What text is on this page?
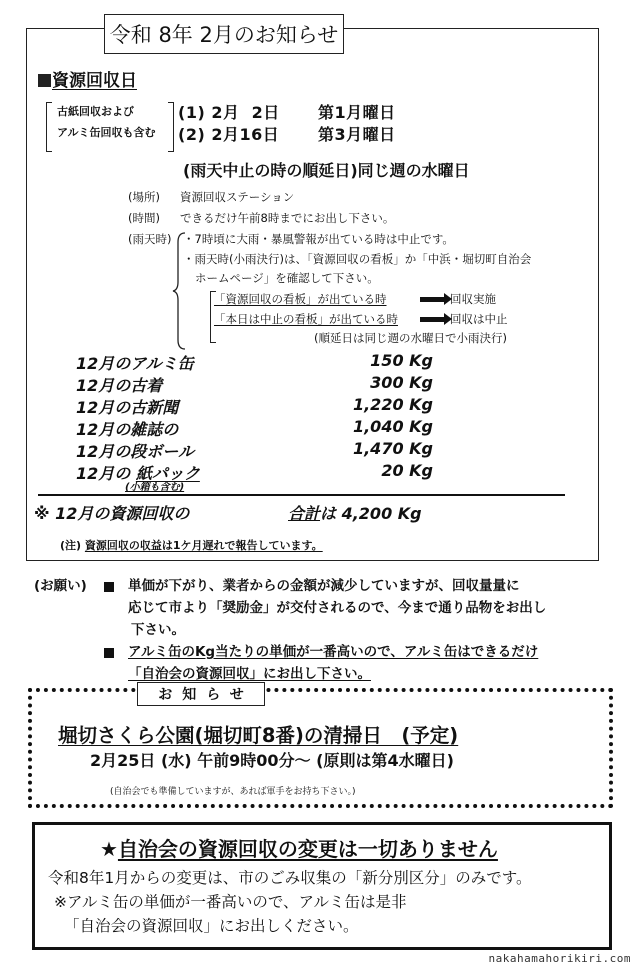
令和 8年 2月のお知らせ
資源回収日
古紙回収および
アルミ缶回収も含む
(1) 2月  2日 第1月曜日
(2) 2月16日 第3月曜日
(雨天中止の時の順延日)同じ週の水曜日
(場所) 資源回収ステーション
(時間) できるだけ午前8時までにお出し下さい。
(雨天時) ・7時頃に大雨・暴風警報が出ている時は中止です。
・雨天時(小雨決行)は、「資源回収の看板」か「中浜・堀切町自治会
ホームページ」を確認して下さい。
「資源回収の看板」が出ている時	回収実施
「本日は中止の看板」が出ている時	回収は中止
(順延日は同じ週の水曜日で小雨決行)
12月のアルミ缶	150 Kg
12月の古着	300 Kg
12月の古新聞	1,220 Kg
12月の雑誌の	1,040 Kg
12月の段ボール	1,470 Kg
12月の 紙パック	20 Kg
(小箱も含む)
※ 12月の資源回収の	合計は 4,200 Kg
(注) 資源回収の収益は1ケ月遅れで報告しています。
(お願い)	単価が下がり、業者からの金額が減少していますが、回収量量に
応じて市より「奨励金」が交付されるので、今まで通り品物をお出し
下さい。
アルミ缶のKg当たりの単価が一番高いので、アルミ缶はできるだけ
「自治会の資源回収」にお出し下さい。
お知らせ
堀切さくら公園(堀切町8番)の清掃日　(予定)
2月25日 (水) 午前9時00分～ (原則は第4水曜日)
(自治会でも準備していますが、あれば軍手をお持ち下さい。)
★自治会の資源回収の変更は一切ありません
令和8年1月からの変更は、市のごみ収集の「新分別区分」のみです。
※アルミ缶の単価が一番高いので、アルミ缶は是非
「自治会の資源回収」にお出しください。
nakahamahorikiri.com
